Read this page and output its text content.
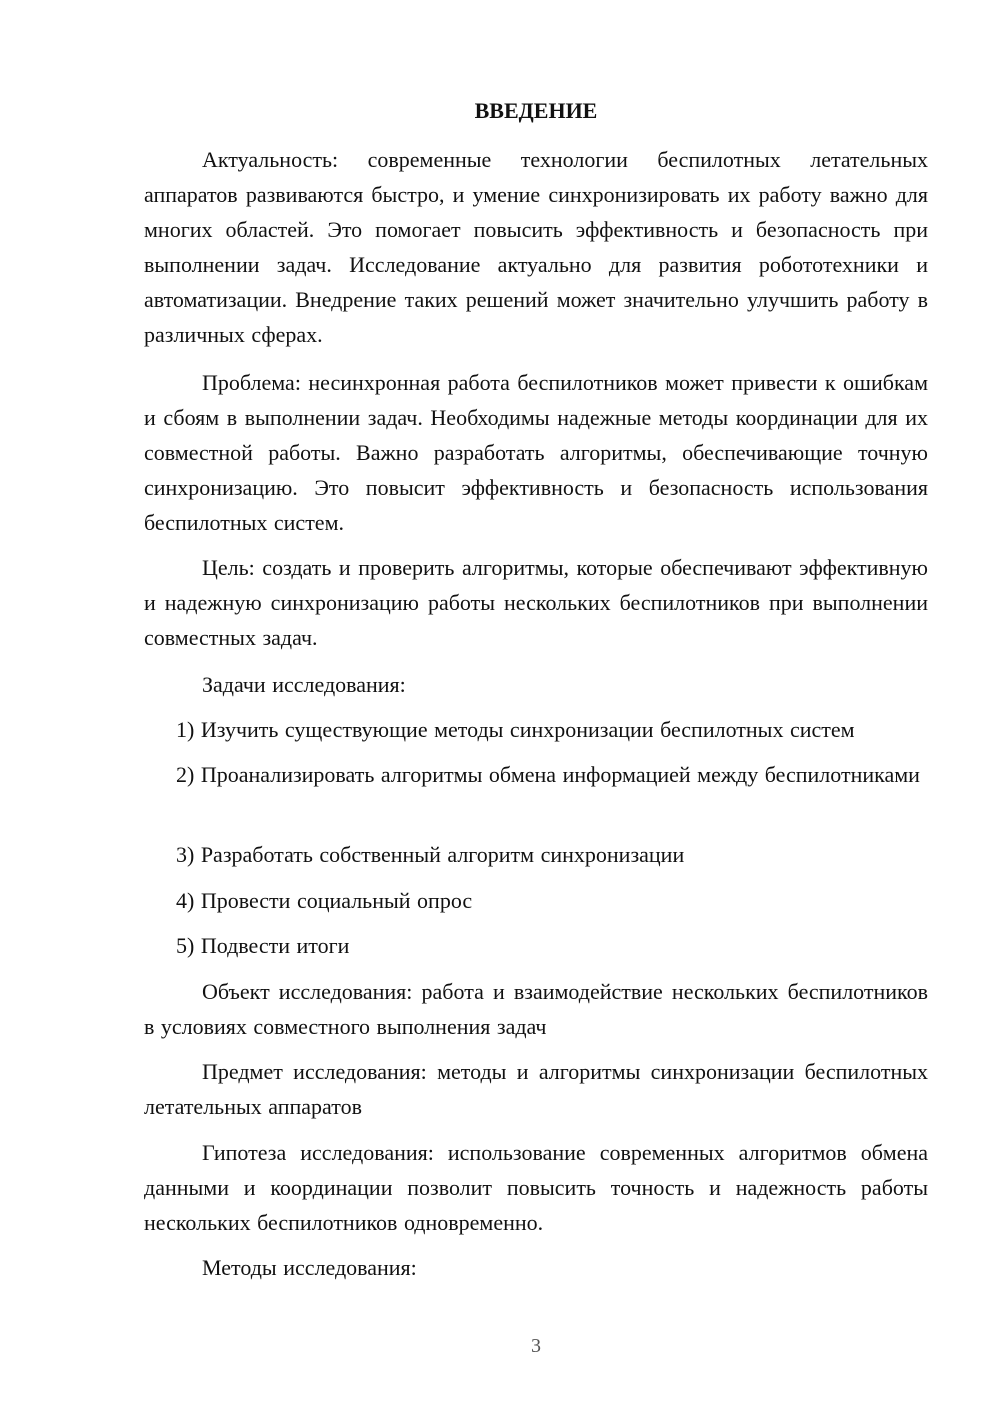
ВВЕДЕНИЕ

Актуальность: современные технологии беспилотных летательных аппаратов развиваются быстро, и умение синхронизировать их работу важно для многих областей. Это помогает повысить эффективность и безопасность при выполнении задач. Исследование актуально для развития робототехники и автоматизации. Внедрение таких решений может значительно улучшить работу в различных сферах.

Проблема: несинхронная работа беспилотников может привести к ошибкам и сбоям в выполнении задач. Необходимы надежные методы координации для их совместной работы. Важно разработать алгоритмы, обеспечивающие точную синхронизацию. Это повысит эффективность и безопасность использования беспилотных систем.

Цель: создать и проверить алгоритмы, которые обеспечивают эффективную и надежную синхронизацию работы нескольких беспилотников при выполнении совместных задач.

Задачи исследования:

1) Изучить существующие методы синхронизации беспилотных систем

2) Проанализировать алгоритмы обмена информацией между беспилотниками

3) Разработать собственный алгоритм синхронизации

4) Провести социальный опрос

5) Подвести итоги

Объект исследования: работа и взаимодействие нескольких беспилотников в условиях совместного выполнения задач

Предмет исследования: методы и алгоритмы синхронизации беспилотных летательных аппаратов

Гипотеза исследования: использование современных алгоритмов обмена данными и координации позволит повысить точность и надежность работы нескольких беспилотников одновременно.

Методы исследования:

3
